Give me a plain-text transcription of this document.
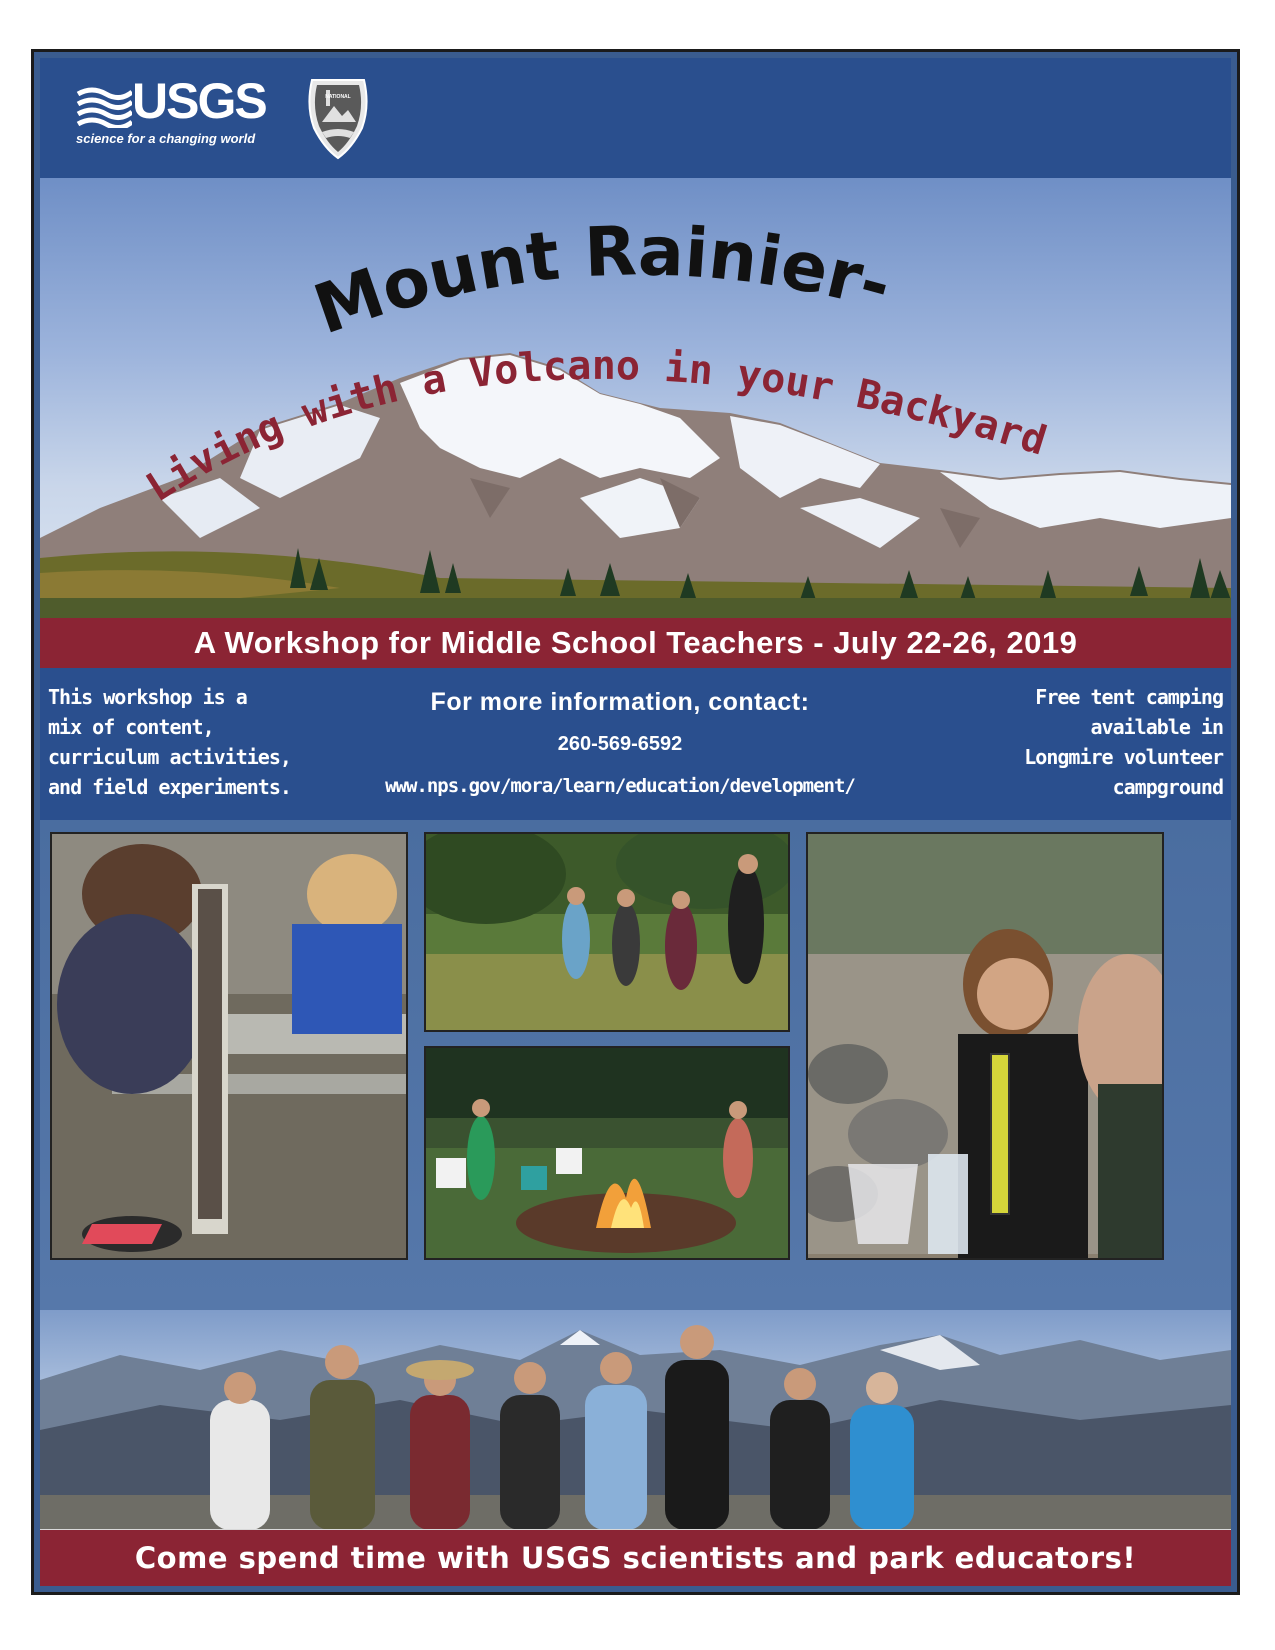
USGS
science for a changing world
NATIONAL
Mount Rainier-
Living with a Volcano in your Backyard
A Workshop for Middle School Teachers - July 22-26, 2019
This workshop is a
mix of content,
curriculum activities,
and field experiments.
For more information, contact:
260-569-6592
www.nps.gov/mora/learn/education/development/
Free tent camping
available in
Longmire volunteer
campground
Come spend time with USGS scientists and park educators!
